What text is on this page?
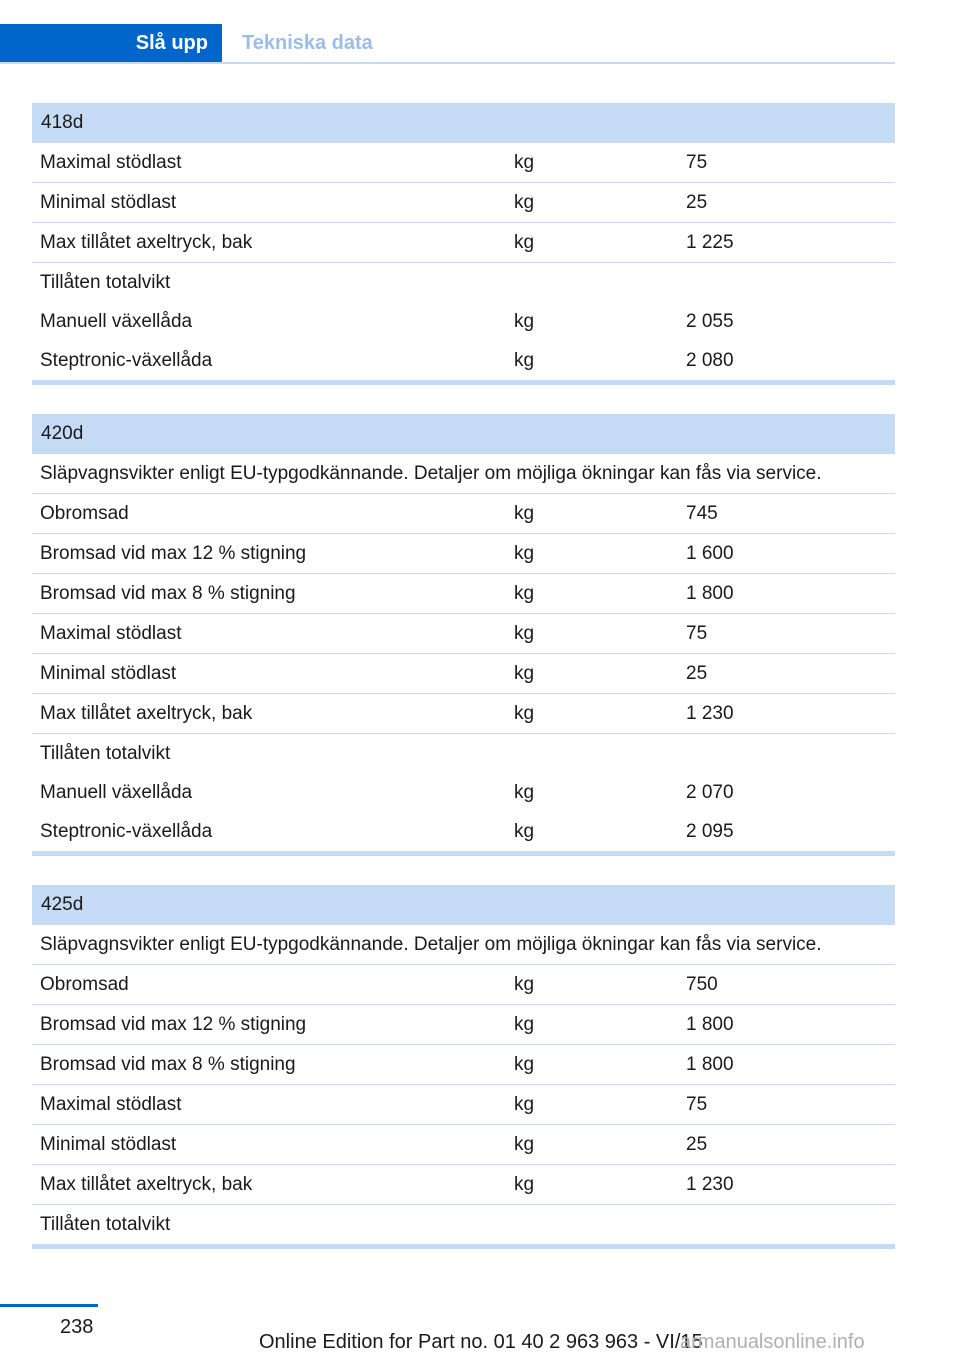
Slå upp	Tekniska data
418d
Maximal stödlast	kg	75
Minimal stödlast	kg	25
Max tillåtet axeltryck, bak	kg	1 225
Tillåten totalvikt
Manuell växellåda	kg	2 055
Steptronic-växellåda	kg	2 080
420d
Släpvagnsvikter enligt EU-typgodkännande. Detaljer om möjliga ökningar kan fås via service.
Obromsad	kg	745
Bromsad vid max 12 % stigning	kg	1 600
Bromsad vid max 8 % stigning	kg	1 800
Maximal stödlast	kg	75
Minimal stödlast	kg	25
Max tillåtet axeltryck, bak	kg	1 230
Tillåten totalvikt
Manuell växellåda	kg	2 070
Steptronic-växellåda	kg	2 095
425d
Släpvagnsvikter enligt EU-typgodkännande. Detaljer om möjliga ökningar kan fås via service.
Obromsad	kg	750
Bromsad vid max 12 % stigning	kg	1 800
Bromsad vid max 8 % stigning	kg	1 800
Maximal stödlast	kg	75
Minimal stödlast	kg	25
Max tillåtet axeltryck, bak	kg	1 230
Tillåten totalvikt
238
Online Edition for Part no. 01 40 2 963 963 - VI/15
armanualsonline.info
